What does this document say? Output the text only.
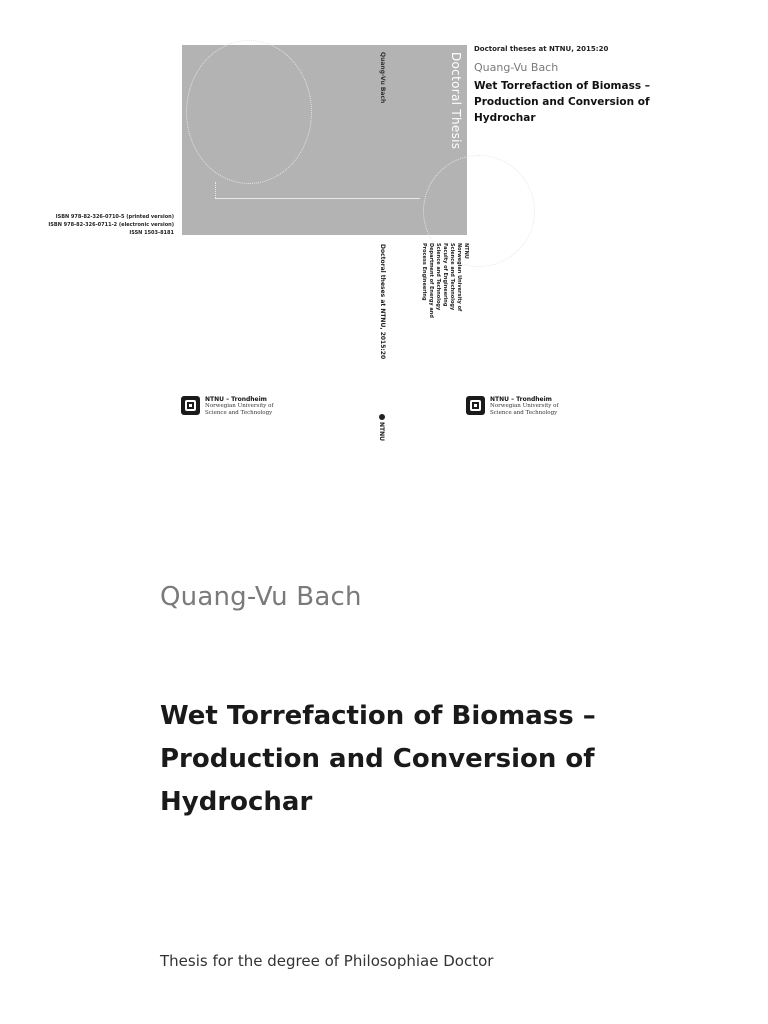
Quang-Vu Bach	Doctoral Thesis
Doctoral theses at NTNU, 2015:20
Quang-Vu Bach
Wet Torrefaction of Biomass – Production and Conversion of Hydrochar
ISBN 978-82-326-0710-5 (printed version)
ISBN 978-82-326-0711-2 (electronic version)
ISSN 1503-8181
Doctoral theses at NTNU, 2015:20	NTNU
Norwegian University of
Science and Technology
Faculty of Engineering
Science and Technology
Department of Energy and
Process Engineering
NTNU
NTNU – Trondheim
Norwegian University of
Science and Technology
NTNU – Trondheim
Norwegian University of
Science and Technology
Quang-Vu Bach
Wet Torrefaction of Biomass – Production and Conversion of Hydrochar
Thesis for the degree of Philosophiae Doctor
